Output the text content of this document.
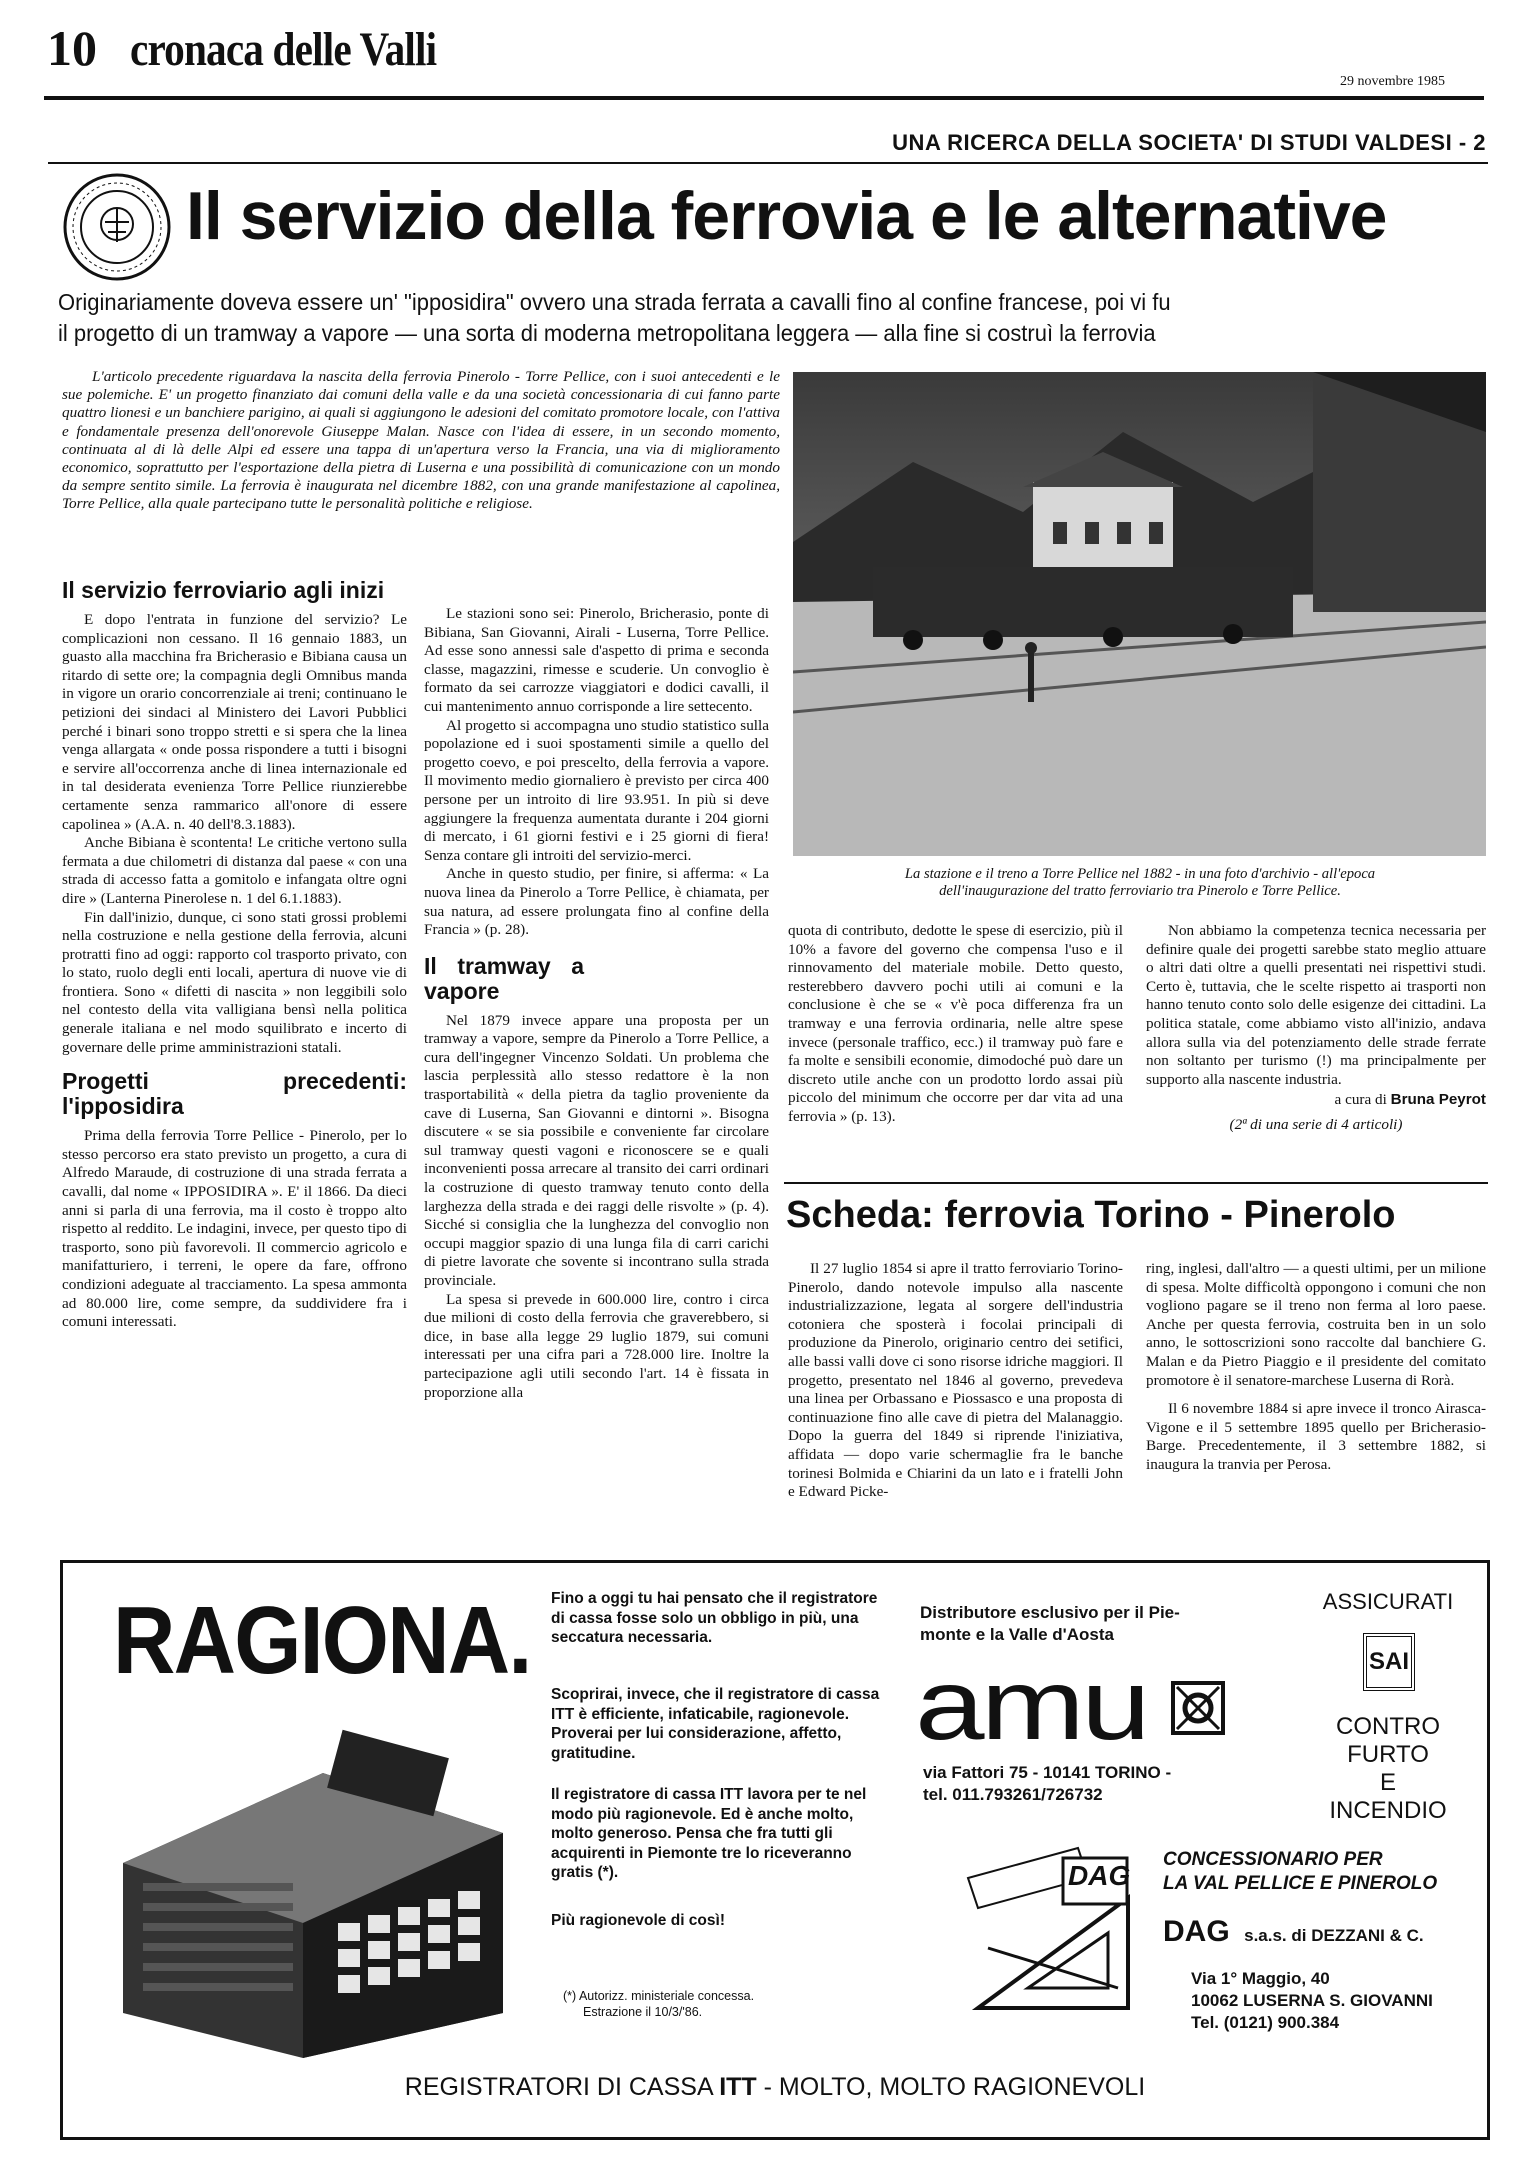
10 cronaca delle Valli
29 novembre 1985
UNA RICERCA DELLA SOCIETA' DI STUDI VALDESI - 2
Il servizio della ferrovia e le alternative
Originariamente doveva essere un' "ipposidira" ovvero una strada ferrata a cavalli fino al confine francese, poi vi fu
il progetto di un tramway a vapore — una sorta di moderna metropolitana leggera — alla fine si costruì la ferrovia
L'articolo precedente riguardava la nascita della ferrovia Pinerolo - Torre Pellice, con i suoi antecedenti e le sue polemiche. E' un progetto finanziato dai comuni della valle e da una società concessionaria di cui fanno parte quattro lionesi e un banchiere parigino, ai quali si aggiungono le adesioni del comitato promotore locale, con l'attiva e fondamentale presenza dell'onorevole Giuseppe Malan. Nasce con l'idea di essere, in un secondo momento, continuata al di là delle Alpi ed essere una tappa di un'apertura verso la Francia, una via di miglioramento economico, soprattutto per l'esportazione della pietra di Luserna e una possibilità di comunicazione con un mondo da sempre sentito simile. La ferrovia è inaugurata nel dicembre 1882, con una grande manifestazione al capolinea, Torre Pellice, alla quale partecipano tutte le personalità politiche e religiose.
La stazione e il treno a Torre Pellice nel 1882 - in una foto d'archivio - all'epoca
dell'inaugurazione del tratto ferroviario tra Pinerolo e Torre Pellice.
Il servizio ferroviario agli inizi

E dopo l'entrata in funzione del servizio? Le complicazioni non cessano. Il 16 gennaio 1883, un guasto alla macchina fra Bricherasio e Bibiana causa un ritardo di sette ore; la compagnia degli Omnibus manda in vigore un orario concorrenziale ai treni; continuano le petizioni dei sindaci al Ministero dei Lavori Pubblici perché i binari sono troppo stretti e si spera che la linea venga allargata « onde possa rispondere a tutti i bisogni e servire all'occorrenza anche di linea internazionale ed in tal desiderata evenienza Torre Pellice riunzierebbe certamente senza rammarico all'onore di essere capolinea » (A.A. n. 40 dell'8.3.1883).

Anche Bibiana è scontenta! Le critiche vertono sulla fermata a due chilometri di distanza dal paese « con una strada di accesso fatta a gomitolo e infangata oltre ogni dire » (Lanterna Pinerolese n. 1 del 6.1.1883).

Fin dall'inizio, dunque, ci sono stati grossi problemi nella costruzione e nella gestione della ferrovia, alcuni protratti fino ad oggi: rapporto col trasporto privato, con lo stato, ruolo degli enti locali, apertura di nuove vie di frontiera. Sono « difetti di nascita » non leggibili solo nel contesto della vita valligiana bensì nella politica generale italiana e nel modo squilibrato e incerto di governare delle prime amministrazioni statali.

Progetti precedenti: l'ipposidira

Prima della ferrovia Torre Pellice - Pinerolo, per lo stesso percorso era stato previsto un progetto, a cura di Alfredo Maraude, di costruzione di una strada ferrata a cavalli, dal nome « IPPOSIDIRA ». E' il 1866. Da dieci anni si parla di una ferrovia, ma il costo è troppo alto rispetto al reddito. Le indagini, invece, per questo tipo di trasporto, sono più favorevoli. Il commercio agricolo e manifatturiero, i terreni, le opere da fare, offrono condizioni adeguate al tracciamento. La spesa ammonta ad 80.000 lire, come sempre, da suddividere fra i comuni interessati.

Le stazioni sono sei: Pinerolo, Bricherasio, ponte di Bibiana, San Giovanni, Airali - Luserna, Torre Pellice. Ad esse sono annessi sale d'aspetto di prima e seconda classe, magazzini, rimesse e scuderie. Un convoglio è formato da sei carrozze viaggiatori e dodici cavalli, il cui mantenimento annuo corrisponde a lire settecento.

Al progetto si accompagna uno studio statistico sulla popolazione ed i suoi spostamenti simile a quello del progetto coevo, e poi prescelto, della ferrovia a vapore. Il movimento medio giornaliero è previsto per circa 400 persone per un introito di lire 93.951. In più si deve aggiungere la frequenza aumentata durante i 204 giorni di mercato, i 61 giorni festivi e i 25 giorni di fiera! Senza contare gli introiti del servizio-merci.

Anche in questo studio, per finire, si afferma: « La nuova linea da Pinerolo a Torre Pellice, è chiamata, per sua natura, ad essere prolungata fino al confine della Francia » (p. 28).

Il tramway a vapore

Nel 1879 invece appare una proposta per un tramway a vapore, sempre da Pinerolo a Torre Pellice, a cura dell'ingegner Vincenzo Soldati. Un problema che lascia perplessità allo stesso redattore è la non trasportabilità « della pietra da taglio proveniente da cave di Luserna, San Giovanni e dintorni ». Bisogna discutere « se sia possibile e conveniente far circolare sul tramway questi vagoni e riconoscere se e quali inconvenienti possa arrecare al transito dei carri ordinari la costruzione di questo tramway tenuto conto della larghezza della strada e dei raggi delle risvolte » (p. 4). Sicché si consiglia che la lunghezza del convoglio non occupi maggior spazio di una lunga fila di carri carichi di pietre lavorate che sovente si incontrano sulla strada provinciale.

La spesa si prevede in 600.000 lire, contro i circa due milioni di costo della ferrovia che graverebbero, si dice, in base alla legge 29 luglio 1879, sui comuni interessati per una cifra pari a 728.000 lire. Inoltre la partecipazione agli utili secondo l'art. 14 è fissata in proporzione alla

quota di contributo, dedotte le spese di esercizio, più il 10% a favore del governo che compensa l'uso e il rinnovamento del materiale mobile. Detto questo, resterebbero davvero pochi utili ai comuni e la conclusione è che se « v'è poca differenza fra un tramway e una ferrovia ordinaria, nelle altre spese invece (personale traffico, ecc.) il tramway può fare e fa molte e sensibili economie, dimodoché può dare un discreto utile anche con un prodotto lordo assai più piccolo del minimum che occorre per dar vita ad una ferrovia » (p. 13).

Non abbiamo la competenza tecnica necessaria per definire quale dei progetti sarebbe stato meglio attuare o altri dati oltre a quelli presentati nei rispettivi studi. Certo è, tuttavia, che le scelte rispetto ai trasporti non hanno tenuto conto solo delle esigenze dei cittadini. La politica statale, come abbiamo visto all'inizio, andava allora sulla via del potenziamento delle strade ferrate non soltanto per turismo (!) ma principalmente per supporto alla nascente industria.

a cura di Bruna Peyrot
(2ª di una serie di 4 articoli)
Scheda: ferrovia Torino - Pinerolo

Il 27 luglio 1854 si apre il tratto ferroviario Torino-Pinerolo, dando notevole impulso alla nascente industrializzazione, legata al sorgere dell'industria cotoniera che sposterà i focolai principali di produzione da Pinerolo, originario centro dei setifici, alle bassi valli dove ci sono risorse idriche maggiori. Il progetto, presentato nel 1846 al governo, prevedeva una linea per Orbassano e Piossasco e una proposta di continuazione fino alle cave di pietra del Malanaggio. Dopo la guerra del 1849 si riprende l'iniziativa, affidata — dopo varie schermaglie fra le banche torinesi Bolmida e Chiarini da un lato e i fratelli John e Edward Picke-

ring, inglesi, dall'altro — a questi ultimi, per un milione di spesa. Molte difficoltà oppongono i comuni che non vogliono pagare se il treno non ferma al loro paese. Anche per questa ferrovia, costruita ben in un solo anno, le sottoscrizioni sono raccolte dal banchiere G. Malan e da Pietro Piaggio e il presidente del comitato promotore è il senatore-marchese Luserna di Rorà.

Il 6 novembre 1884 si apre invece il tronco Airasca-Vigone e il 5 settembre 1895 quello per Bricherasio-Barge. Precedentemente, il 3 settembre 1882, si inaugura la tranvia per Perosa.

RAGIONA. Fino a oggi tu hai pensato che il registratore di cassa fosse solo un obbligo in più, una seccatura necessaria.
Scoprirai, invece, che il registratore di cassa ITT è efficiente, infaticabile, ragionevole. Proverai per lui considerazione, affetto, gratitudine.
Il registratore di cassa ITT lavora per te nel modo più ragionevole. Ed è anche molto, molto generoso. Pensa che fra tutti gli acquirenti in Piemonte tre lo riceveranno gratis (*).
Più ragionevole di così!
(*) Autorizz. ministeriale concessa.
Estrazione il 10/3/'86.
Distributore esclusivo per il Pie-
monte e la Valle d'Aosta
amu
via Fattori 75 - 10141 TORINO -
tel. 011.793261/726732
ASSICURATI
SAI
CONTRO
FURTO
E
INCENDIO
DAG
CONCESSIONARIO PER
LA VAL PELLICE E PINEROLO
DAG s.a.s. di DEZZANI & C.
Via 1° Maggio, 40
10062 LUSERNA S. GIOVANNI
Tel. (0121) 900.384
REGISTRATORI DI CASSA ITT - MOLTO, MOLTO RAGIONEVOLI
